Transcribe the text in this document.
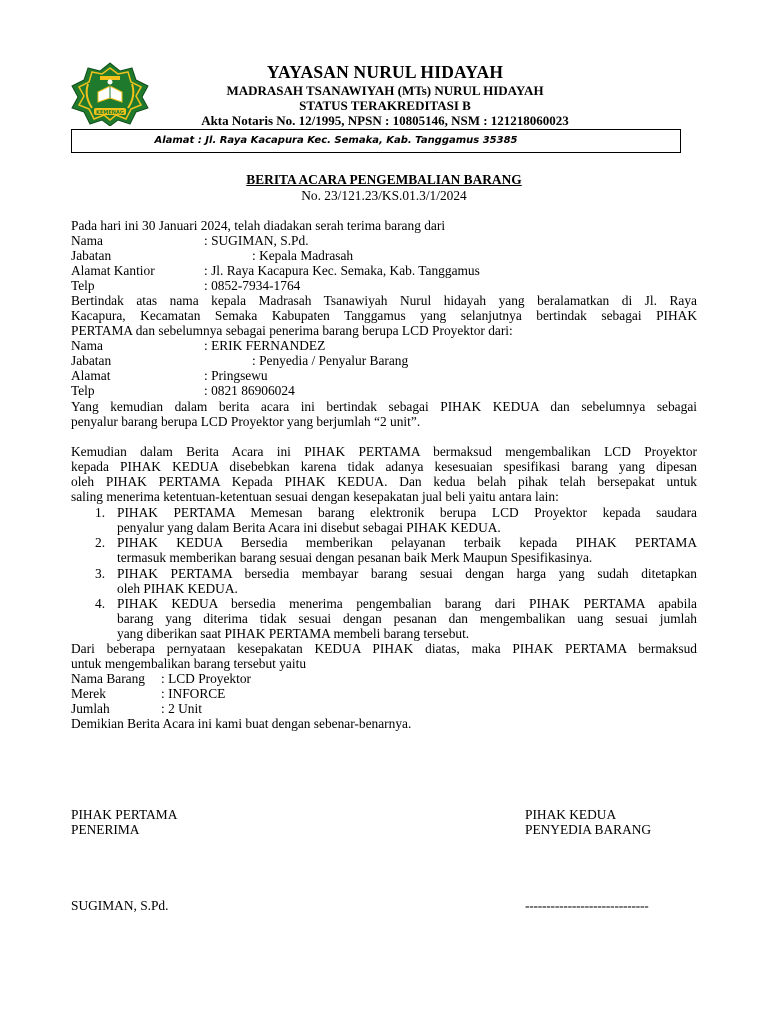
KEMENAG
YAYASAN NURUL HIDAYAH
MADRASAH TSANAWIYAH (MTs) NURUL HIDAYAH
STATUS TERAKREDITASI B
Akta Notaris No. 12/1995, NPSN : 10805146, NSM : 121218060023
Alamat : Jl. Raya Kacapura Kec. Semaka, Kab. Tanggamus 35385
BERITA ACARA PENGEMBALIAN BARANG
No. 23/121.23/KS.01.3/1/2024
Pada hari ini 30 Januari 2024, telah diadakan serah terima barang dari
Nama	: SUGIMAN, S.Pd.
Jabatan	: Kepala Madrasah
Alamat Kantior	: Jl. Raya Kacapura Kec. Semaka, Kab. Tanggamus
Telp	: 0852-7934-1764
Bertindak atas nama kepala Madrasah Tsanawiyah Nurul hidayah yang beralamatkan di Jl. Raya
Kacapura, Kecamatan Semaka Kabupaten Tanggamus yang selanjutnya bertindak sebagai PIHAK
PERTAMA dan sebelumnya sebagai penerima barang berupa LCD Proyektor dari:
Nama	: ERIK FERNANDEZ
Jabatan	: Penyedia / Penyalur Barang
Alamat	: Pringsewu
Telp	: 0821 86906024
Yang kemudian dalam berita acara ini bertindak sebagai PIHAK KEDUA dan sebelumnya sebagai
penyalur barang berupa LCD Proyektor yang berjumlah “2 unit”.
Kemudian dalam Berita Acara ini PIHAK PERTAMA bermaksud mengembalikan LCD Proyektor
kepada PIHAK KEDUA disebebkan karena tidak adanya kesesuaian spesifikasi barang yang dipesan
oleh PIHAK PERTAMA Kepada PIHAK KEDUA. Dan kedua belah pihak telah bersepakat untuk
saling menerima ketentuan-ketentuan sesuai dengan kesepakatan jual beli yaitu antara lain:
1. PIHAK PERTAMA Memesan barang elektronik berupa LCD Proyektor kepada saudara
penyalur yang dalam Berita Acara ini disebut sebagai PIHAK KEDUA.
2. PIHAK KEDUA Bersedia memberikan pelayanan terbaik kepada PIHAK PERTAMA
termasuk memberikan barang sesuai dengan pesanan baik Merk Maupun Spesifikasinya.
3. PIHAK PERTAMA bersedia membayar barang sesuai dengan harga yang sudah ditetapkan
oleh PIHAK KEDUA.
4. PIHAK KEDUA bersedia menerima pengembalian barang dari PIHAK PERTAMA apabila
barang yang diterima tidak sesuai dengan pesanan dan mengembalikan uang sesuai jumlah
yang diberikan saat PIHAK PERTAMA membeli barang tersebut.
Dari beberapa pernyataan kesepakatan KEDUA PIHAK diatas, maka PIHAK PERTAMA bermaksud
untuk mengembalikan barang tersebut yaitu
Nama Barang : LCD Proyektor
Merek	: INFORCE
Jumlah	: 2 Unit
Demikian Berita Acara ini kami buat dengan sebenar-benarnya.
PIHAK PERTAMA
PENERIMA
SUGIMAN, S.Pd.
PIHAK KEDUA
PENYEDIA BARANG
-----------------------------
